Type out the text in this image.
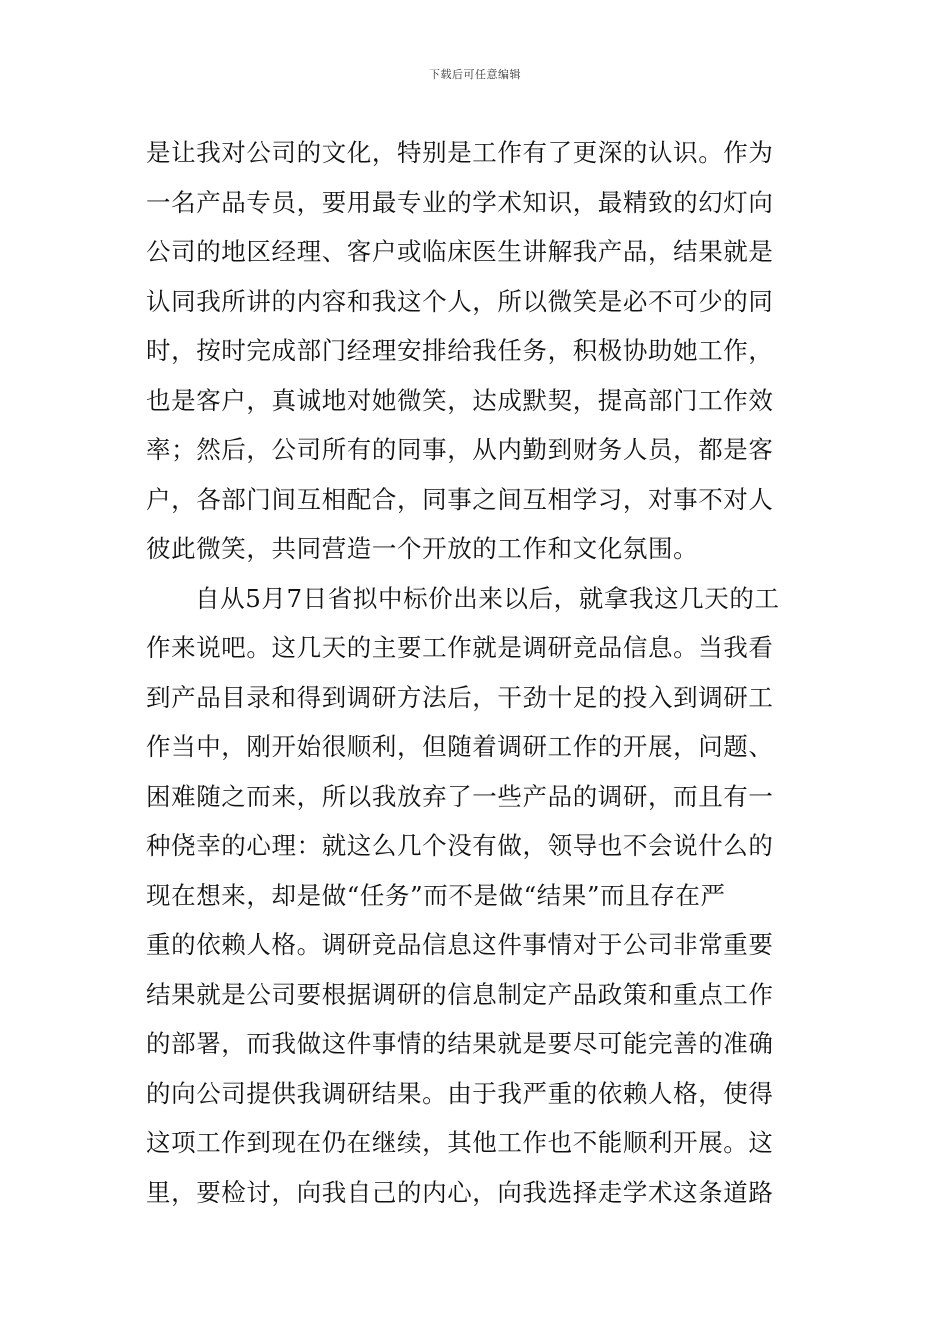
下载后可任意编辑
是让我对公司的文化，特别是工作有了更深的认识。作为
一名产品专员，要用最专业的学术知识，最精致的幻灯向
公司的地区经理、客户或临床医生讲解我产品，结果就是
认同我所讲的内容和我这个人，所以微笑是必不可少的同
时，按时完成部门经理安排给我任务，积极协助她工作，
也是客户，真诚地对她微笑，达成默契，提高部门工作效
率；然后，公司所有的同事，从内勤到财务人员，都是客
户，各部门间互相配合，同事之间互相学习，对事不对人
彼此微笑，共同营造一个开放的工作和文化氛围。
自从5月7日省拟中标价出来以后，就拿我这几天的工
作来说吧。这几天的主要工作就是调研竞品信息。当我看
到产品目录和得到调研方法后，干劲十足的投入到调研工
作当中，刚开始很顺利，但随着调研工作的开展，问题、
困难随之而来，所以我放弃了一些产品的调研，而且有一
种侥幸的心理：就这么几个没有做，领导也不会说什么的
现在想来，却是做“任务”而不是做“结果”而且存在严
重的依赖人格。调研竞品信息这件事情对于公司非常重要
结果就是公司要根据调研的信息制定产品政策和重点工作
的部署，而我做这件事情的结果就是要尽可能完善的准确
的向公司提供我调研结果。由于我严重的依赖人格，使得
这项工作到现在仍在继续，其他工作也不能顺利开展。这
里，要检讨，向我自己的内心，向我选择走学术这条道路
